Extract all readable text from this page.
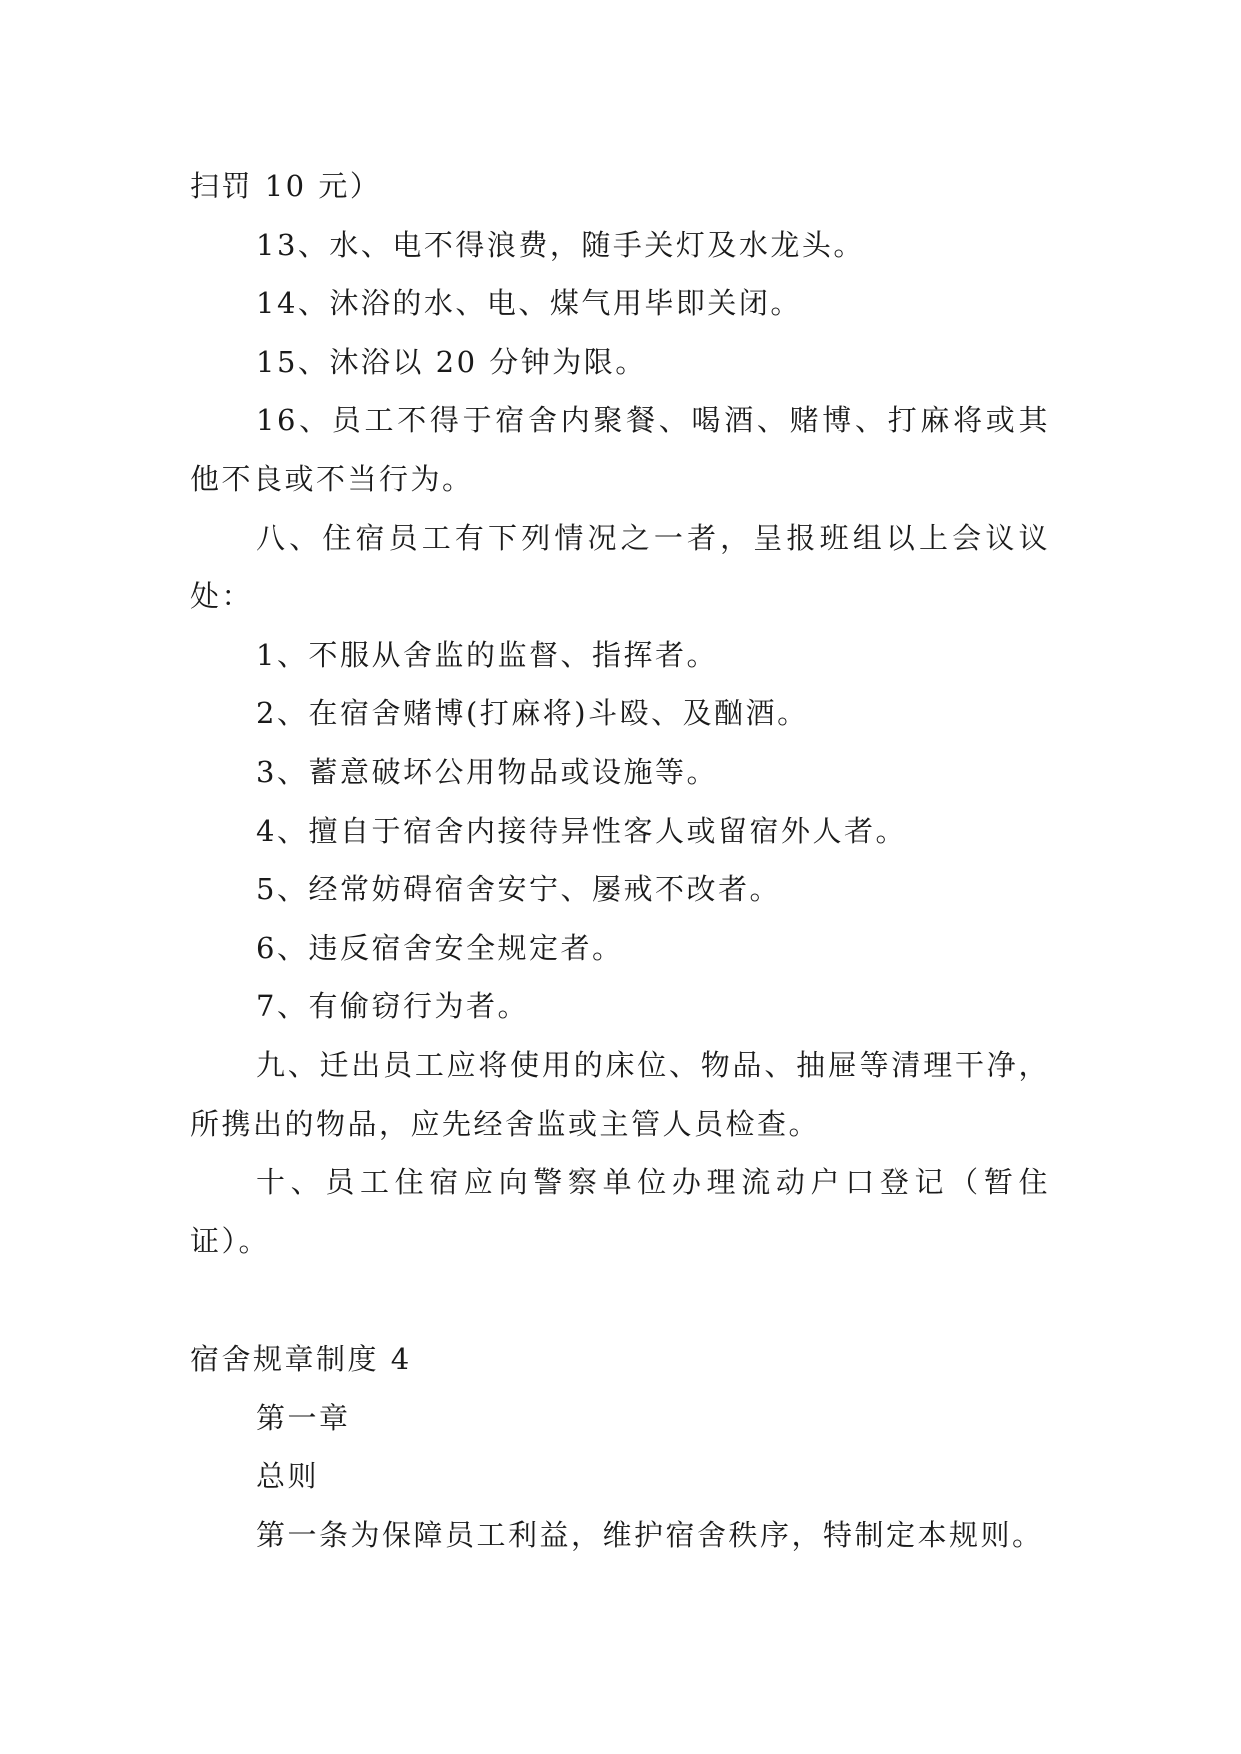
扫罚 10 元）
13、水、电不得浪费，随手关灯及水龙头。
14、沐浴的水、电、煤气用毕即关闭。
15、沐浴以 20 分钟为限。
16、员工不得于宿舍内聚餐、喝酒、赌博、打麻将或其
他不良或不当行为。
八、住宿员工有下列情况之一者，呈报班组以上会议议
处：
1、不服从舍监的监督、指挥者。
2、在宿舍赌博(打麻将)斗殴、及酗酒。
3、蓄意破坏公用物品或设施等。
4、擅自于宿舍内接待异性客人或留宿外人者。
5、经常妨碍宿舍安宁、屡戒不改者。
6、违反宿舍安全规定者。
7、有偷窃行为者。
九、迁出员工应将使用的床位、物品、抽屉等清理干净，
所携出的物品，应先经舍监或主管人员检查。
十、员工住宿应向警察单位办理流动户口登记（暂住
证）。
宿舍规章制度 4
第一章
总则
第一条为保障员工利益，维护宿舍秩序，特制定本规则。
